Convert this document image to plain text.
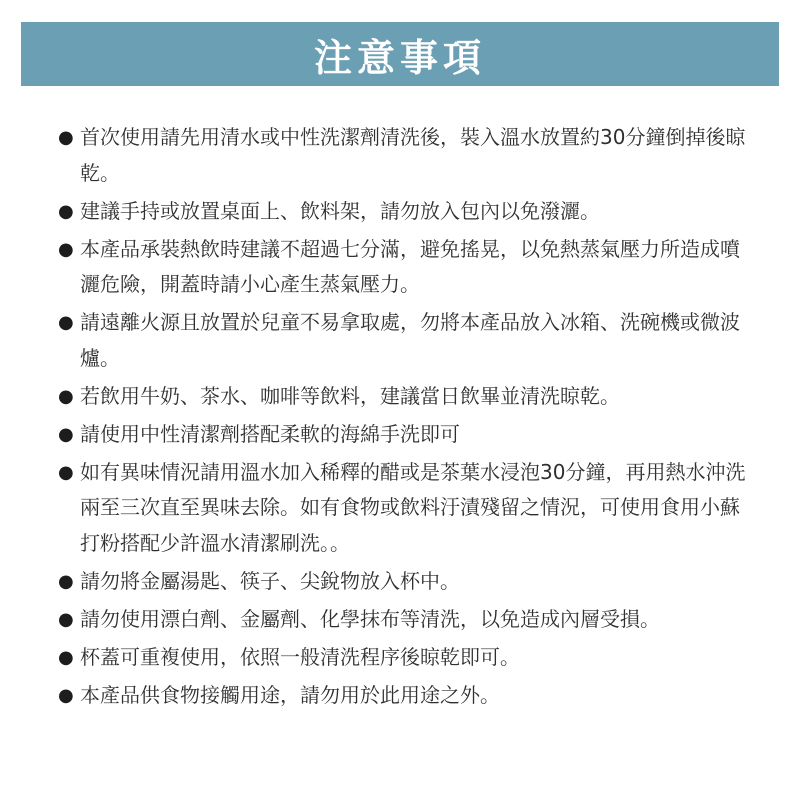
注意事項
● 首次使用請先用清水或中性洗潔劑清洗後，裝入溫水放置約30分鐘倒掉後晾乾。
● 建議手持或放置桌面上、飲料架，請勿放入包內以免潑灑。
● 本產品承裝熱飲時建議不超過七分滿，避免搖晃，以免熱蒸氣壓力所造成噴灑危險，開蓋時請小心產生蒸氣壓力。
● 請遠離火源且放置於兒童不易拿取處，勿將本產品放入冰箱、洗碗機或微波爐。
● 若飲用牛奶、茶水、咖啡等飲料，建議當日飲畢並清洗晾乾。
● 請使用中性清潔劑搭配柔軟的海綿手洗即可
● 如有異味情況請用溫水加入稀釋的醋或是茶葉水浸泡30分鐘，再用熱水沖洗兩至三次直至異味去除。如有食物或飲料汙漬殘留之情況，可使用食用小蘇打粉搭配少許溫水清潔刷洗。。
● 請勿將金屬湯匙、筷子、尖銳物放入杯中。
● 請勿使用漂白劑、金屬劑、化學抹布等清洗，以免造成內層受損。
● 杯蓋可重複使用，依照一般清洗程序後晾乾即可。
● 本產品供食物接觸用途，請勿用於此用途之外。
